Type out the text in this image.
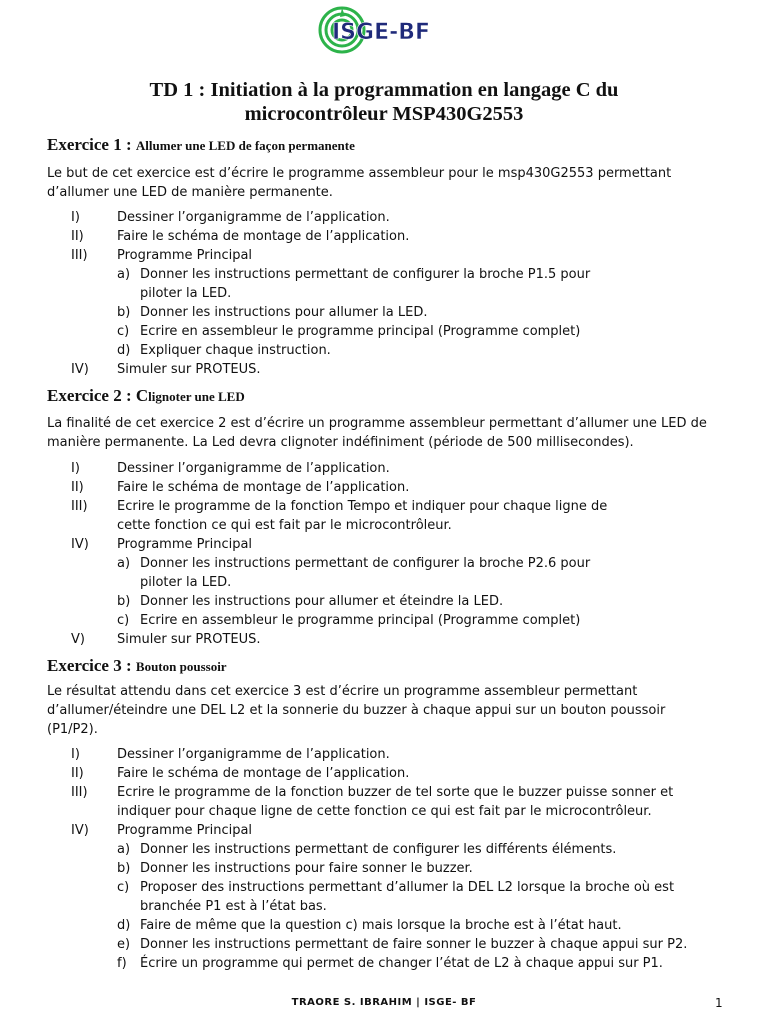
ISGE-BF
TD 1 : Initiation à la programmation en langage C du
microcontrôleur MSP430G2553
Exercice 1 : Allumer une LED de façon permanente
Le but de cet exercice est d’écrire le programme assembleur pour le msp430G2553 permettant
d’allumer une LED de manière permanente.
I)	Dessiner l’organigramme de l’application.
II)	Faire le schéma de montage de l’application.
III) Programme Principal
a) Donner les instructions permettant de configurer la broche P1.5 pour
piloter la LED.
b) Donner les instructions pour allumer la LED.
c) Ecrire en assembleur le programme principal (Programme complet)
d) Expliquer chaque instruction.
IV) Simuler sur PROTEUS.
Exercice 2 : Clignoter une LED
La finalité de cet exercice 2 est d’écrire un programme assembleur permettant d’allumer une LED de
manière permanente. La Led devra clignoter indéfiniment (période de 500 millisecondes).
I)	Dessiner l’organigramme de l’application.
II)	Faire le schéma de montage de l’application.
III) Ecrire le programme de la fonction Tempo et indiquer pour chaque ligne de
cette fonction ce qui est fait par le microcontrôleur.
IV) Programme Principal
a) Donner les instructions permettant de configurer la broche P2.6 pour
piloter la LED.
b) Donner les instructions pour allumer et éteindre la LED.
c) Ecrire en assembleur le programme principal (Programme complet)
V) Simuler sur PROTEUS.
Exercice 3 : Bouton poussoir
Le résultat attendu dans cet exercice 3 est d’écrire un programme assembleur permettant
d’allumer/éteindre une DEL L2 et la sonnerie du buzzer à chaque appui sur un bouton poussoir
(P1/P2).
I)	Dessiner l’organigramme de l’application.
II)	Faire le schéma de montage de l’application.
III) Ecrire le programme de la fonction buzzer de tel sorte que le buzzer puisse sonner et
indiquer pour chaque ligne de cette fonction ce qui est fait par le microcontrôleur.
IV) Programme Principal
a) Donner les instructions permettant de configurer les différents éléments.
b) Donner les instructions pour faire sonner le buzzer.
c) Proposer des instructions permettant d’allumer la DEL L2 lorsque la broche où est
branchée P1 est à l’état bas.
d) Faire de même que la question c) mais lorsque la broche est à l’état haut.
e) Donner les instructions permettant de faire sonner le buzzer à chaque appui sur P2.
f) Écrire un programme qui permet de changer l’état de L2 à chaque appui sur P1.
TRAORE S. IBRAHIM | ISGE- BF	1
